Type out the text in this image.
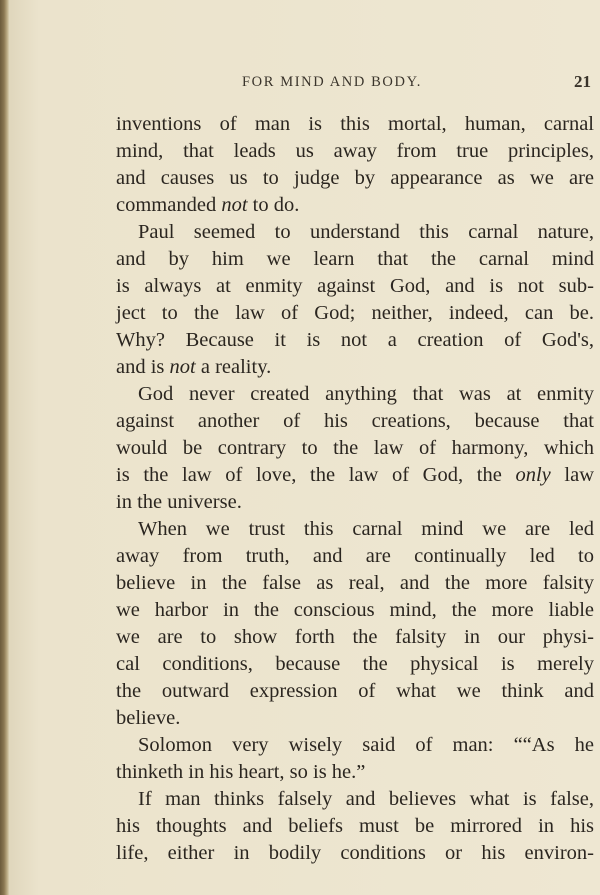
FOR MIND AND BODY.	21
inventions of man is this mortal, human, carnal
mind, that leads us away from true principles,
and causes us to judge by appearance as we are
commanded not to do.
Paul seemed to understand this carnal nature,
and by him we learn that the carnal mind
is always at enmity against God, and is not sub-
ject to the law of God; neither, indeed, can be.
Why? Because it is not a creation of God's,
and is not a reality.
God never created anything that was at enmity
against another of his creations, because that
would be contrary to the law of harmony, which
is the law of love, the law of God, the only law
in the universe.
When we trust this carnal mind we are led
away from truth, and are continually led to
believe in the false as real, and the more falsity
we harbor in the conscious mind, the more liable
we are to show forth the falsity in our physi-
cal conditions, because the physical is merely
the outward expression of what we think and
believe.
Solomon very wisely said of man: ““As he
thinketh in his heart, so is he.”
If man thinks falsely and believes what is false,
his thoughts and beliefs must be mirrored in his
life, either in bodily conditions or his environ-
